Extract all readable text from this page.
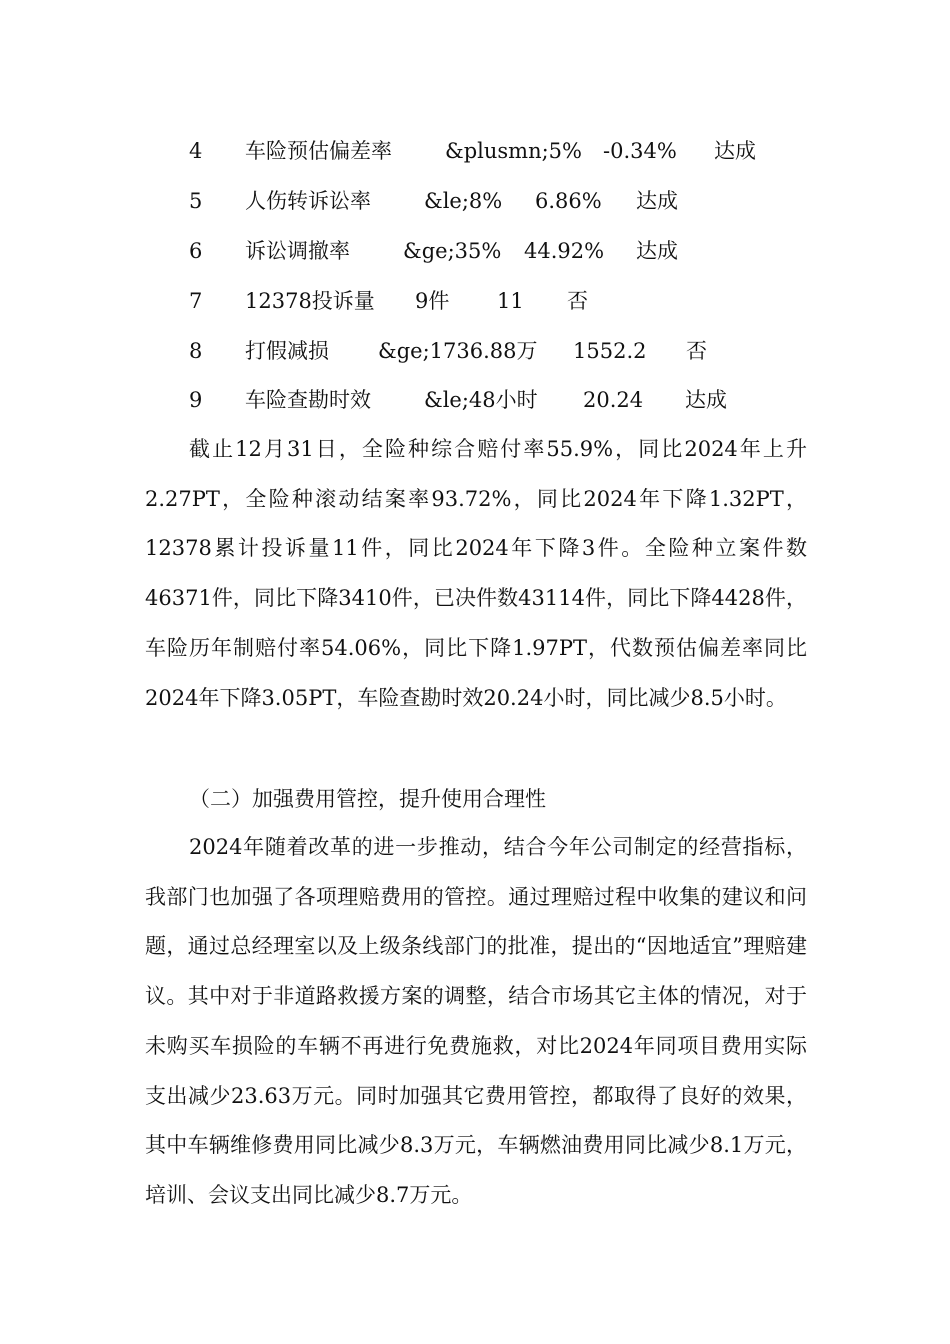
4 车险预估偏差率	&plusmn;5% -0.34% 达成
5 人伤转诉讼率	&le;8% 6.86% 达成
6 诉讼调撤率	&ge;35% 44.92% 达成
7 12378投诉量 9件 11 否
8 打假减损 &ge;1736.88万 1552.2 否
9 车险查勘时效	&le;48小时 20.24 达成

截止12月31日，全险种综合赔付率55.9%，同比2024年上升2.27PT，全险种滚动结案率93.72%，同比2024年下降1.32PT，12378累计投诉量11件，同比2024年下降3件。全险种立案件数46371件，同比下降3410件，已决件数43114件，同比下降4428件，车险历年制赔付率54.06%，同比下降1.97PT，代数预估偏差率同比2024年下降3.05PT，车险查勘时效20.24小时，同比减少8.5小时。

（二）加强费用管控，提升使用合理性

2024年随着改革的进一步推动，结合今年公司制定的经营指标，我部门也加强了各项理赔费用的管控。通过理赔过程中收集的建议和问题，通过总经理室以及上级条线部门的批准，提出的“因地适宜”理赔建议。其中对于非道路救援方案的调整，结合市场其它主体的情况，对于未购买车损险的车辆不再进行免费施救，对比2024年同项目费用实际支出减少23.63万元。同时加强其它费用管控，都取得了良好的效果，其中车辆维修费用同比减少8.3万元，车辆燃油费用同比减少8.1万元，培训、会议支出同比减少8.7万元。
